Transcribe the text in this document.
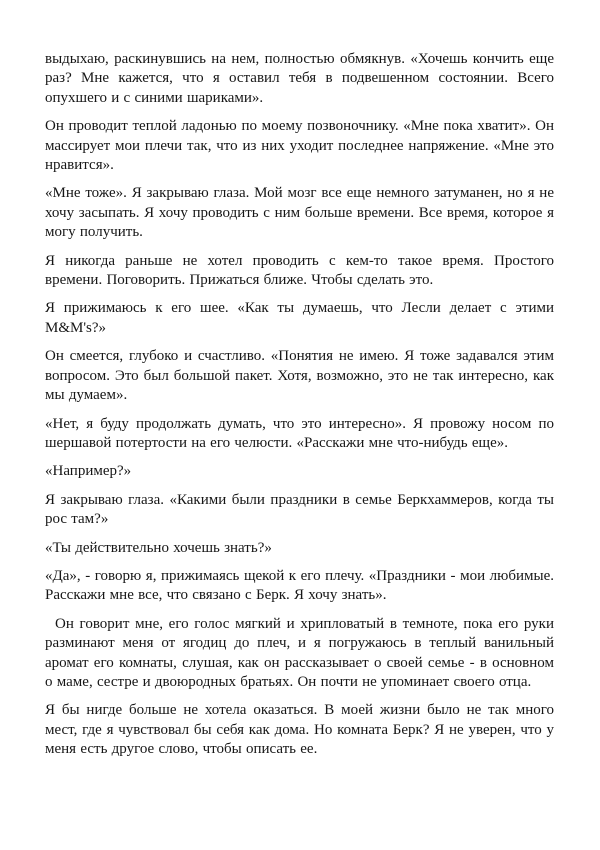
выдыхаю, раскинувшись на нем, полностью обмякнув. «Хочешь кончить еще раз? Мне кажется, что я оставил тебя в подвешенном состоянии. Всего опухшего и с синими шариками».

Он проводит теплой ладонью по моему позвоночнику. «Мне пока хватит». Он массирует мои плечи так, что из них уходит последнее напряжение. «Мне это нравится».

«Мне тоже». Я закрываю глаза. Мой мозг все еще немного затуманен, но я не хочу засыпать. Я хочу проводить с ним больше времени. Все время, которое я могу получить.

Я никогда раньше не хотел проводить с кем-то такое время. Простого времени. Поговорить. Прижаться ближе. Чтобы сделать это.

Я прижимаюсь к его шее. «Как ты думаешь, что Лесли делает с этими M&M's?»

Он смеется, глубоко и счастливо. «Понятия не имею. Я тоже задавался этим вопросом. Это был большой пакет. Хотя, возможно, это не так интересно, как мы думаем».

«Нет, я буду продолжать думать, что это интересно». Я провожу носом по шершавой потертости на его челюсти. «Расскажи мне что-нибудь еще».

«Например?»

Я закрываю глаза. «Какими были праздники в семье Беркхаммеров, когда ты рос там?»

«Ты действительно хочешь знать?»

«Да», - говорю я, прижимаясь щекой к его плечу. «Праздники - мои любимые. Расскажи мне все, что связано с Берк. Я хочу знать».

Он говорит мне, его голос мягкий и хрипловатый в темноте, пока его руки разминают меня от ягодиц до плеч, и я погружаюсь в теплый ванильный аромат его комнаты, слушая, как он рассказывает о своей семье - в основном о маме, сестре и двоюродных братьях. Он почти не упоминает своего отца.

Я бы нигде больше не хотела оказаться. В моей жизни было не так много мест, где я чувствовал бы себя как дома. Но комната Берк? Я не уверен, что у меня есть другое слово, чтобы описать ее.
